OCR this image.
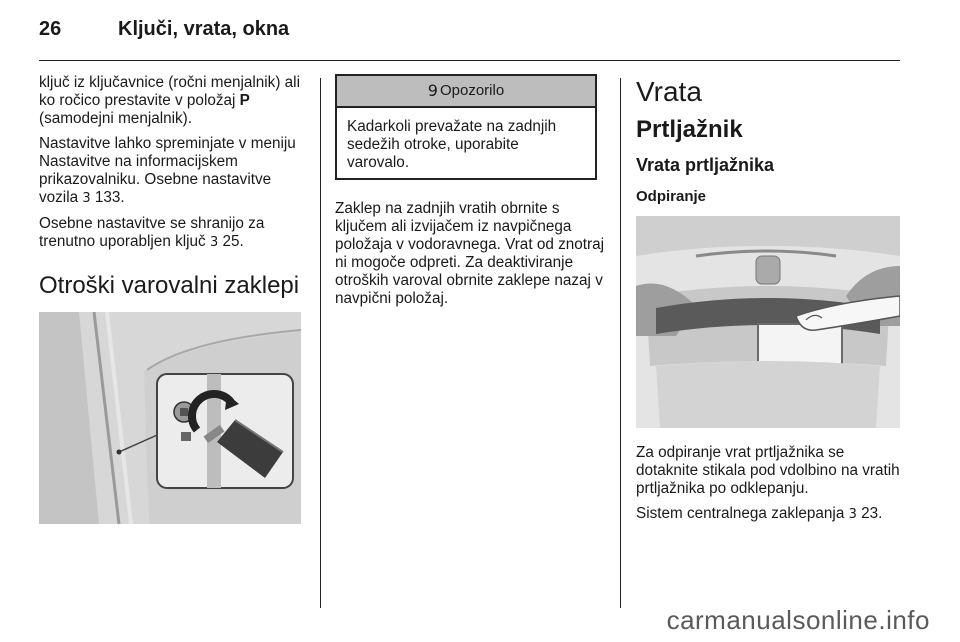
26	Ključi, vrata, okna

ključ iz ključavnice (ročni menjalnik) ali ko ročico prestavite v položaj P (samodejni menjalnik).

Nastavitve lahko spreminjate v meniju Nastavitve na informacijskem prikazovalniku. Osebne nastavitve vozila 3 133.

Osebne nastavitve se shranijo za trenutno uporabljen ključ 3 25.

Otroški varovalni zaklepi
9 Opozorilo
Kadarkoli prevažate na zadnjih sedežih otroke, uporabite varovalo.

Zaklep na zadnjih vratih obrnite s ključem ali izvijačem iz navpičnega položaja v vodoravnega. Vrat od znotraj ni mogoče odpreti. Za deaktiviranje otroških varoval obrnite zaklepe nazaj v navpični položaj.

Vrata
Prtljažnik
Vrata prtljažnika
Odpiranje

Za odpiranje vrat prtljažnika se dotaknite stikala pod vdolbino na vratih prtljažnika po odklepanju.

Sistem centralnega zaklepanja 3 23.

carmanualsonline.info
